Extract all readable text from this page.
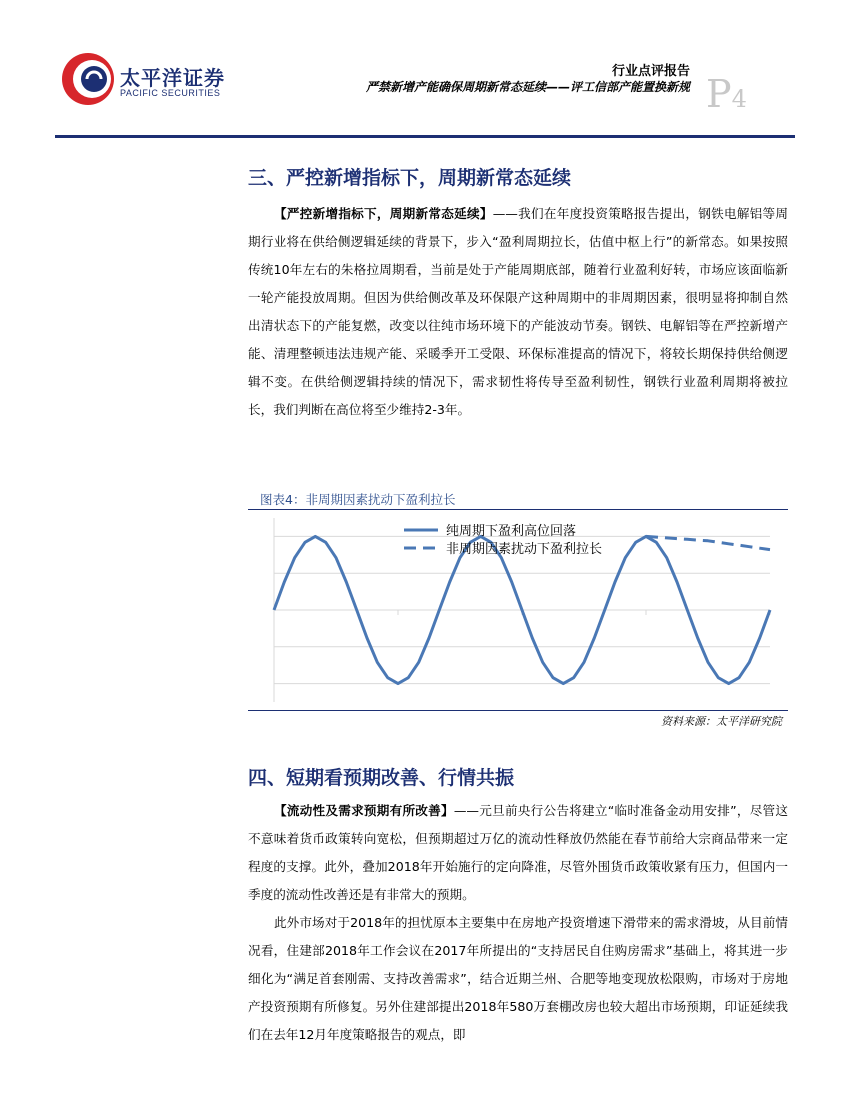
太平洋证券
PACIFIC SECURITIES
行业点评报告
严禁新增产能确保周期新常态延续——评工信部产能置换新规 P4
三、严控新增指标下，周期新常态延续

【严控新增指标下，周期新常态延续】——我们在年度投资策略报告提出，钢铁电解铝等周期行业将在供给侧逻辑延续的背景下，步入“盈利周期拉长，估值中枢上行”的新常态。如果按照传统10年左右的朱格拉周期看，当前是处于产能周期底部，随着行业盈利好转，市场应该面临新一轮产能投放周期。但因为供给侧改革及环保限产这种周期中的非周期因素，很明显将抑制自然出清状态下的产能复燃，改变以往纯市场环境下的产能波动节奏。钢铁、电解铝等在严控新增产能、清理整顿违法违规产能、采暖季开工受限、环保标准提高的情况下，将较长期保持供给侧逻辑不变。在供给侧逻辑持续的情况下，需求韧性将传导至盈利韧性，钢铁行业盈利周期将被拉长，我们判断在高位将至少维持2-3年。

图表4：非周期因素扰动下盈利拉长
纯周期下盈利高位回落
非周期因素扰动下盈利拉长
资料来源：太平洋研究院
四、短期看预期改善、行情共振

【流动性及需求预期有所改善】——元旦前央行公告将建立“临时准备金动用安排”，尽管这不意味着货币政策转向宽松，但预期超过万亿的流动性释放仍然能在春节前给大宗商品带来一定程度的支撑。此外，叠加2018年开始施行的定向降准，尽管外围货币政策收紧有压力，但国内一季度的流动性改善还是有非常大的预期。

此外市场对于2018年的担忧原本主要集中在房地产投资增速下滑带来的需求滑坡，从目前情况看，住建部2018年工作会议在2017年所提出的“支持居民自住购房需求”基础上，将其进一步细化为“满足首套刚需、支持改善需求”，结合近期兰州、合肥等地变现放松限购，市场对于房地产投资预期有所修复。另外住建部提出2018年580万套棚改房也较大超出市场预期，印证延续我们在去年12月年度策略报告的观点，即
